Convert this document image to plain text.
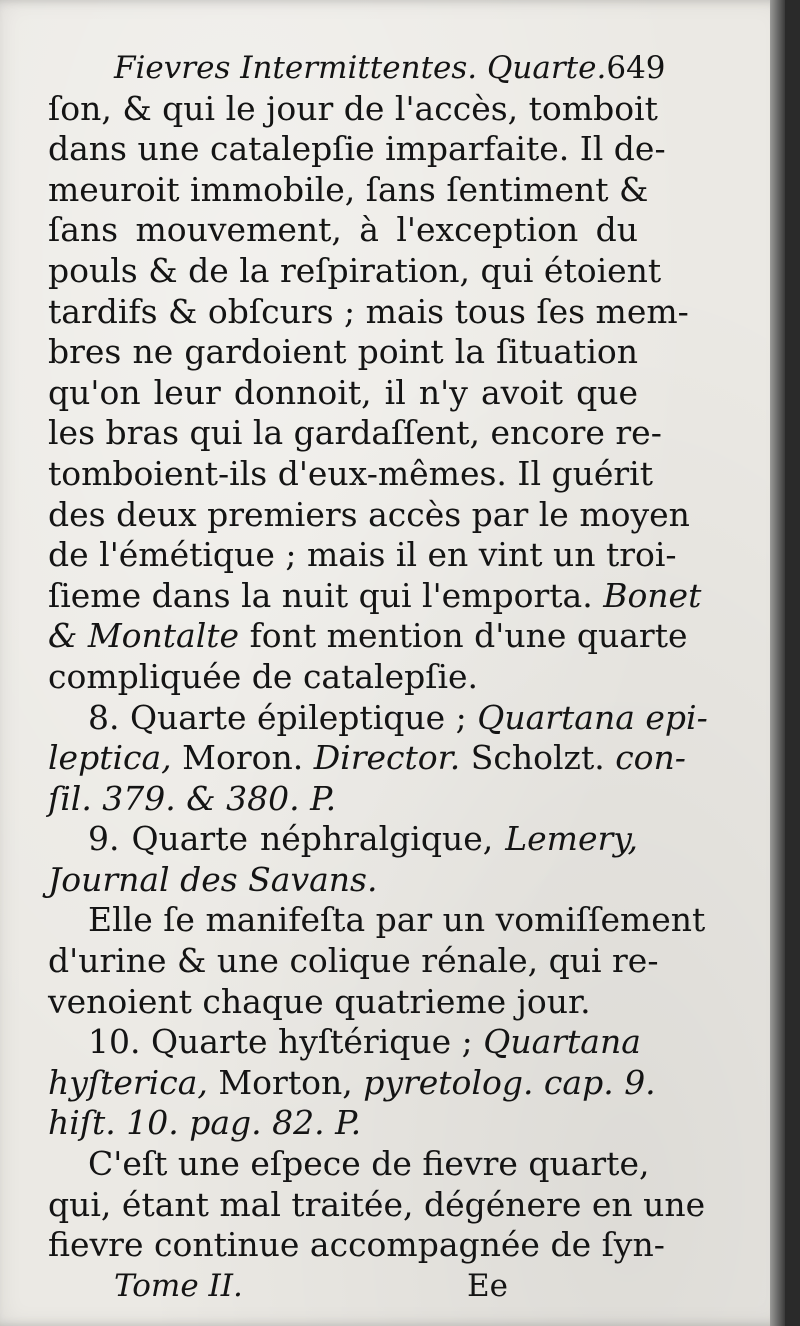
Fievres Intermittentes. Quarte. 649
ſon, & qui le jour de l'accès, tomboit
dans une catalepſie imparfaite. Il de-
meuroit immobile, ſans ſentiment &
ſans mouvement, à l'exception du
pouls & de la reſpiration, qui étoient
tardifs & obſcurs ; mais tous ſes mem-
bres ne gardoient point la ſituation
qu'on leur donnoit, il n'y avoit que
les bras qui la gardaſſent, encore re-
tomboient-ils d'eux-mêmes. Il guérit
des deux premiers accès par le moyen
de l'émétique ; mais il en vint un troi-
ſieme dans la nuit qui l'emporta. Bonet
& Montalte font mention d'une quarte
compliquée de catalepſie.
8. Quarte épileptique ; Quartana epi-
leptica, Moron. Director. Scholzt. con-
ſil. 379. & 380. P.
9. Quarte néphralgique, Lemery,
Journal des Savans.
Elle ſe manifeſta par un vomiſſement
d'urine & une colique rénale, qui re-
venoient chaque quatrieme jour.
10. Quarte hyſtérique ; Quartana
hyſterica, Morton, pyretolog. cap. 9.
hiſt. 10. pag. 82. P.
C'eſt une eſpece de fievre quarte,
qui, étant mal traitée, dégénere en une
fievre continue accompagnée de ſyn-
Tome II.	Ee
